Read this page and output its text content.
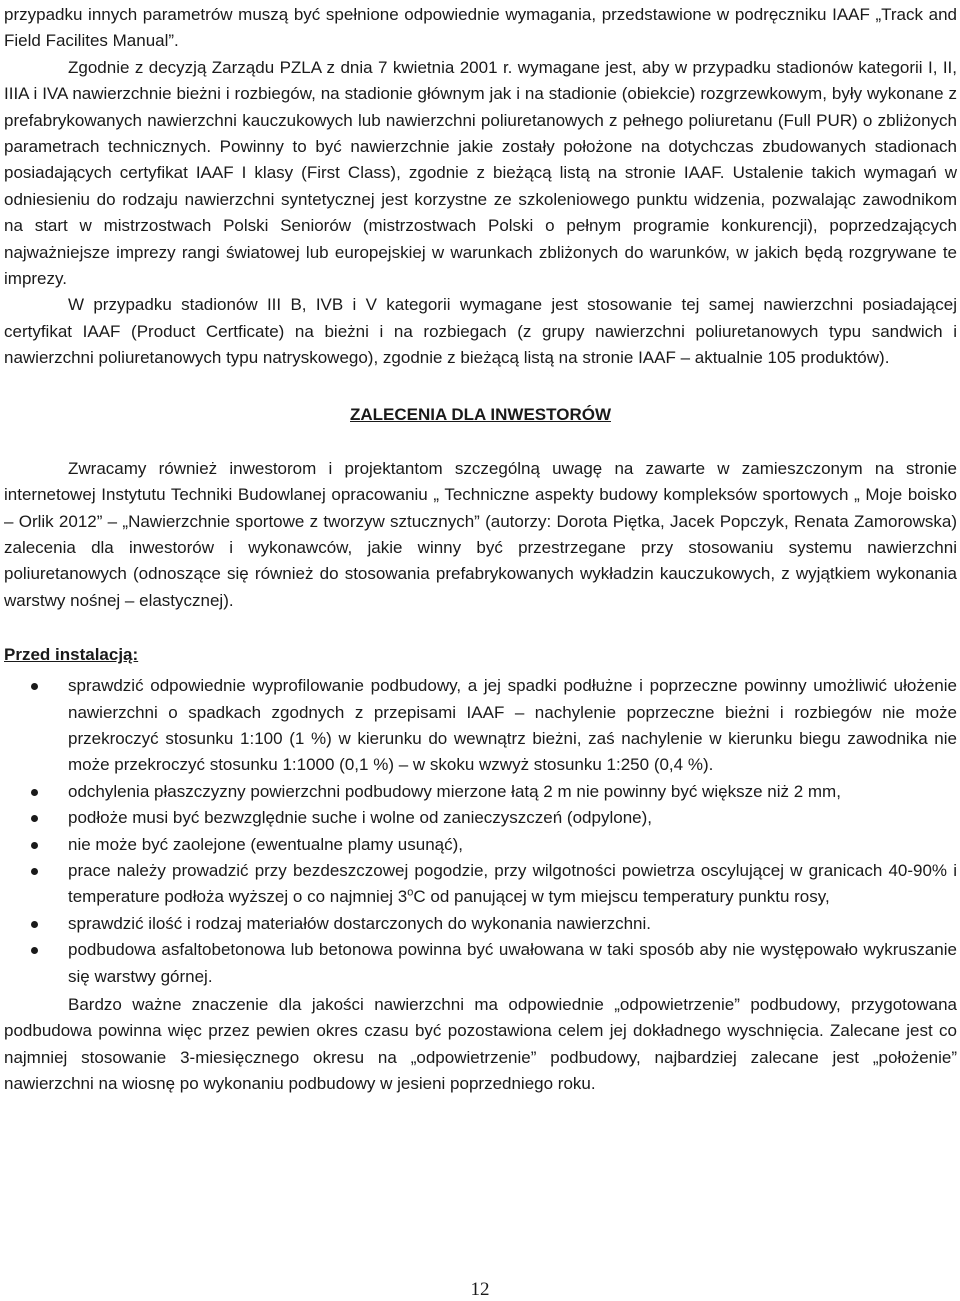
przypadku innych parametrów muszą być spełnione odpowiednie wymagania, przedstawione w podręczniku IAAF „Track and Field Facilites Manual”.

Zgodnie z decyzją Zarządu PZLA z dnia 7 kwietnia 2001 r. wymagane jest, aby w przypadku stadionów kategorii I, II, IIIA i IVA nawierzchnie bieżni i rozbiegów, na stadionie głównym jak i na stadionie (obiekcie) rozgrzewkowym, były wykonane z prefabrykowanych nawierzchni kauczukowych lub nawierzchni poliuretanowych z pełnego poliuretanu (Full PUR) o zbliżonych parametrach technicznych. Powinny to być nawierzchnie jakie zostały położone na dotychczas zbudowanych stadionach posiadających certyfikat IAAF I klasy (First Class), zgodnie z bieżącą listą na stronie IAAF. Ustalenie takich wymagań w odniesieniu do rodzaju nawierzchni syntetycznej jest korzystne ze szkoleniowego punktu widzenia, pozwalając zawodnikom na start w mistrzostwach Polski Seniorów (mistrzostwach Polski o pełnym programie konkurencji), poprzedzających najważniejsze imprezy rangi światowej lub europejskiej w warunkach zbliżonych do warunków, w jakich będą rozgrywane te imprezy.

W przypadku stadionów III B, IVB i V kategorii wymagane jest stosowanie tej samej nawierzchni posiadającej certyfikat IAAF (Product Certficate) na bieżni i na rozbiegach (z grupy nawierzchni poliuretanowych typu sandwich i nawierzchni poliuretanowych typu natryskowego), zgodnie z bieżącą listą na stronie IAAF – aktualnie 105 produktów).

ZALECENIA DLA INWESTORÓW

Zwracamy również inwestorom i projektantom szczególną uwagę na zawarte w zamieszczonym na stronie internetowej Instytutu Techniki Budowlanej opracowaniu „ Techniczne aspekty budowy kompleksów sportowych „ Moje boisko – Orlik 2012” – „Nawierzchnie sportowe z tworzyw sztucznych” (autorzy: Dorota Piętka, Jacek Popczyk, Renata Zamorowska) zalecenia dla inwestorów i wykonawców, jakie winny być przestrzegane przy stosowaniu systemu nawierzchni poliuretanowych (odnoszące się również do stosowania prefabrykowanych wykładzin kauczukowych, z wyjątkiem wykonania warstwy nośnej – elastycznej).

Przed instalacją:
sprawdzić odpowiednie wyprofilowanie podbudowy, a jej spadki podłużne i poprzeczne powinny umożliwić ułożenie nawierzchni o spadkach zgodnych z przepisami IAAF – nachylenie poprzeczne bieżni i rozbiegów nie może przekroczyć stosunku 1:100 (1 %) w kierunku do wewnątrz bieżni, zaś nachylenie w kierunku biegu zawodnika nie może przekroczyć stosunku 1:1000 (0,1 %) – w skoku wzwyż stosunku 1:250 (0,4 %).
odchylenia płaszczyzny powierzchni podbudowy mierzone łatą 2 m nie powinny być większe niż 2 mm,
podłoże musi być bezwzględnie suche i wolne od zanieczyszczeń (odpylone),
nie może być zaolejone (ewentualne plamy usunąć),
prace należy prowadzić przy bezdeszczowej pogodzie, przy wilgotności powietrza oscylującej w granicach 40-90% i temperature podłoża wyższej o co najmniej 3$^o$C od panującej w tym miejscu temperatury punktu rosy,
sprawdzić ilość i rodzaj materiałów dostarczonych do wykonania nawierzchni.
podbudowa asfaltobetonowa lub betonowa powinna być uwałowana w taki sposób aby nie występowało wykruszanie się warstwy górnej.

Bardzo ważne znaczenie dla jakości nawierzchni ma odpowiednie „odpowietrzenie” podbudowy, przygotowana podbudowa powinna więc przez pewien okres czasu być pozostawiona celem jej dokładnego wyschnięcia. Zalecane jest co najmniej stosowanie 3-miesięcznego okresu na „odpowietrzenie” podbudowy, najbardziej zalecane jest „położenie” nawierzchni na wiosnę po wykonaniu podbudowy w jesieni poprzedniego roku.

12
